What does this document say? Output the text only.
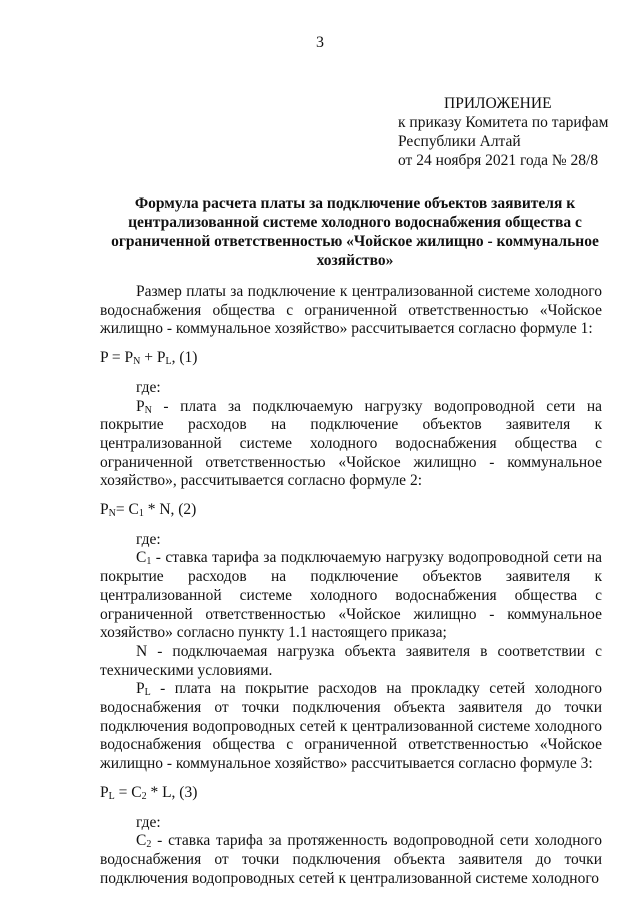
3
ПРИЛОЖЕНИЕ
к приказу Комитета по тарифам
Республики Алтай
от 24 ноября 2021 года № 28/8
Формула расчета платы за подключение объектов заявителя к централизованной системе холодного водоснабжения общества с ограниченной ответственностью «Чойское жилищно - коммунальное хозяйство»

Размер платы за подключение к централизованной системе холодного водоснабжения общества с ограниченной ответственностью «Чойское жилищно - коммунальное хозяйство» рассчитывается согласно формуле 1:

$P = P_N + P_L$, (1)

где:

$P_N$ - плата за подключаемую нагрузку водопроводной сети на покрытие расходов на подключение объектов заявителя к централизованной системе холодного водоснабжения общества с ограниченной ответственностью «Чойское жилищно - коммунальное хозяйство», рассчитывается согласно формуле 2:

$P_N= C_1 * N$, (2)

где:

$C_1$ - ставка тарифа за подключаемую нагрузку водопроводной сети на покрытие расходов на подключение объектов заявителя к централизованной системе холодного водоснабжения общества с ограниченной ответственностью «Чойское жилищно - коммунальное хозяйство» согласно пункту 1.1 настоящего приказа;

N - подключаемая нагрузка объекта заявителя в соответствии с техническими условиями.

$P_L$ - плата на покрытие расходов на прокладку сетей холодного водоснабжения от точки подключения объекта заявителя до точки подключения водопроводных сетей к централизованной системе холодного водоснабжения общества с ограниченной ответственностью «Чойское жилищно - коммунальное хозяйство» рассчитывается согласно формуле 3:

$P_L = C_2 * L$, (3)

где:

$C_2$ - ставка тарифа за протяженность водопроводной сети холодного водоснабжения от точки подключения объекта заявителя до точки подключения водопроводных сетей к централизованной системе холодного
